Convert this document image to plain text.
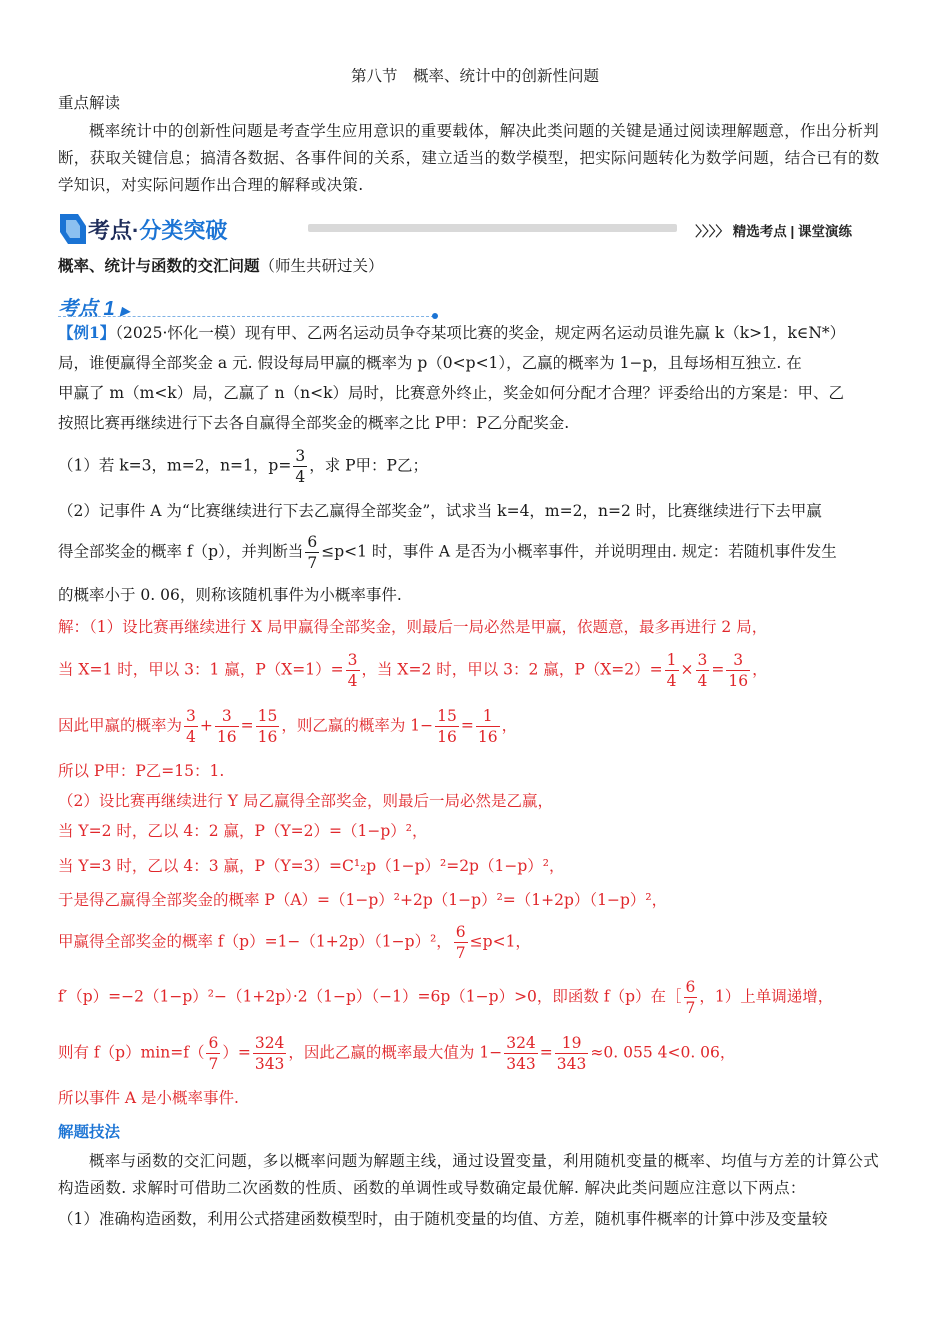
第八节　概率、统计中的创新性问题
重点解读
概率统计中的创新性问题是考查学生应用意识的重要载体，解决此类问题的关键是通过阅读理解题意，作出分析判断，获取关键信息；搞清各数据、各事件间的关系，建立适当的数学模型，把实际问题转化为数学问题，结合已有的数学知识，对实际问题作出合理的解释或决策.
考点·分类突破	〉〉〉〉 精选考点 | 课堂演练
概率、统计与函数的交汇问题（师生共研过关）
考点 1 ▶
【例1】（2025·怀化一模）现有甲、乙两名运动员争夺某项比赛的奖金，规定两名运动员谁先赢 k（k>1，k∈N*）
局，谁便赢得全部奖金 a 元. 假设每局甲赢的概率为 p（0<p<1），乙赢的概率为 1−p，且每场相互独立. 在
甲赢了 m（m<k）局，乙赢了 n（n<k）局时，比赛意外终止，奖金如何分配才合理？评委给出的方案是：甲、乙
按照比赛再继续进行下去各自赢得全部奖金的概率之比 P甲：P乙分配奖金.
（1）若 k=3，m=2，n=1，$p= \frac{3}{4}$ ，求 P甲：P乙；
（2）记事件 A 为“比赛继续进行下去乙赢得全部奖金”，试求当 k=4，m=2，n=2 时，比赛继续进行下去甲赢
得全部奖金的概率 f（p），并判断当 $\frac{6}{7} \le p<1$ 时，事件 A 是否为小概率事件，并说明理由. 规定：若随机事件发生
的概率小于 0. 06，则称该随机事件为小概率事件.
解：（1）设比赛再继续进行 X 局甲赢得全部奖金，则最后一局必然是甲赢，依题意，最多再进行 2 局，
当 X=1 时，甲以 3：1 赢，$P(X=1)= \frac{3}{4}$ ，当 X=2 时，甲以 3：2 赢，$P(X=2)= \frac{1}{4} \times \frac{3}{4} = \frac{3}{16}$ ，
因此甲赢的概率为 $\frac{3}{4} + \frac{3}{16} = \frac{15}{16}$ ，则乙赢的概率为 $1- \frac{15}{16} = \frac{1}{16}$ ，
所以 P甲：P乙=15：1.
（2）设比赛再继续进行 Y 局乙赢得全部奖金，则最后一局必然是乙赢，
当 Y=2 时，乙以 4：2 赢，P（Y=2）=（1−p）²，
当 Y=3 时，乙以 4：3 赢，P（Y=3）=C¹₂p（1−p）²=2p（1−p）²，
于是得乙赢得全部奖金的概率 P（A）=（1−p）²+2p（1−p）²=（1+2p）（1−p）²，
甲赢得全部奖金的概率 f（p）=1−（1+2p）（1−p）²， $\frac{6}{7} \le p<1$，
f′（p）=−2（1−p）²−（1+2p）·2（1−p）（−1）=6p（1−p）>0，即函数 f（p）在［ $\frac{6}{7}$ ，1）上单调递增，
则有 $f(p)\min=f( \frac{6}{7}$ ）= $\frac{324}{343}$ ，因此乙赢的概率最大值为 $1- \frac{324}{343} = \frac{19}{343} \approx 0$. 055 4<0. 06，
所以事件 A 是小概率事件.
解题技法
概率与函数的交汇问题，多以概率问题为解题主线，通过设置变量，利用随机变量的概率、均值与方差的计算公式构造函数. 求解时可借助二次函数的性质、函数的单调性或导数确定最优解. 解决此类问题应注意以下两点：
（1）准确构造函数，利用公式搭建函数模型时，由于随机变量的均值、方差，随机事件概率的计算中涉及变量较
